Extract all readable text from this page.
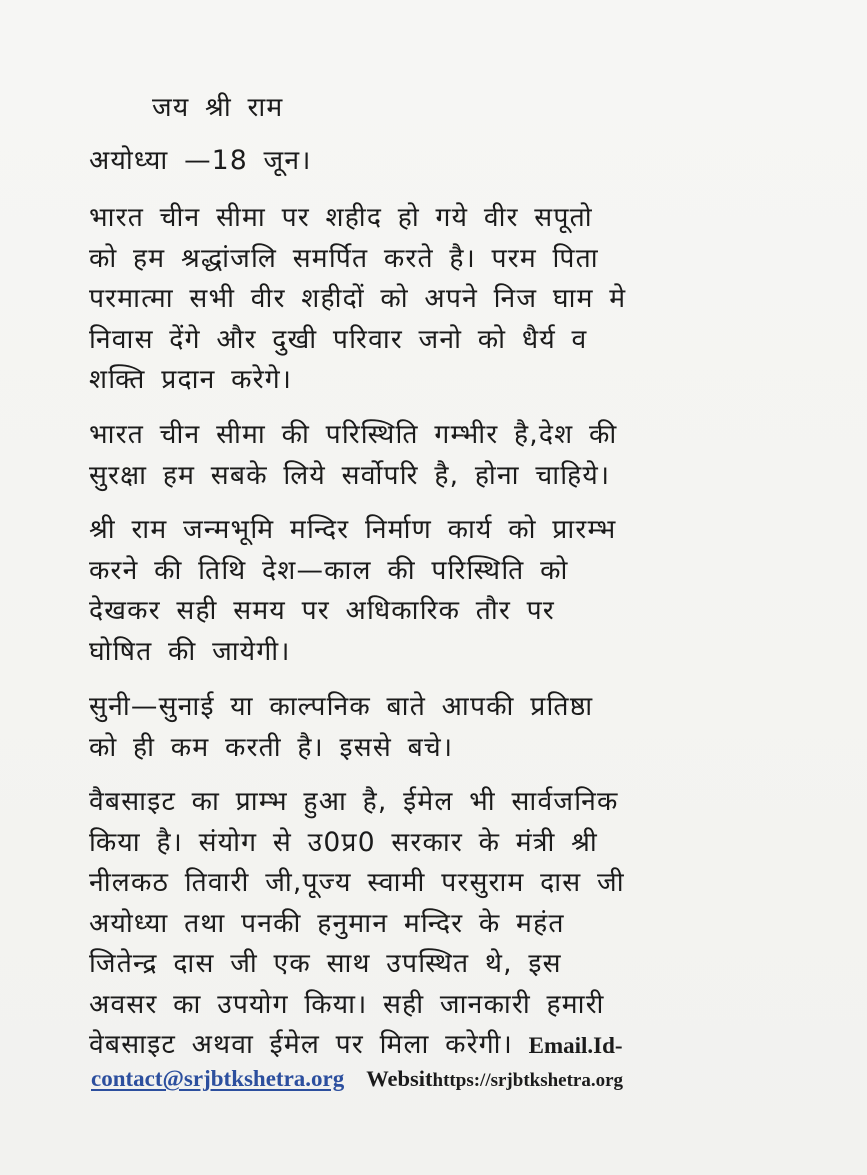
जय श्री राम

अयोध्या —18 जून।

भारत चीन सीमा पर शहीद हो गये वीर सपूतो
को हम श्रद्धांजलि समर्पित करते है। परम पिता
परमात्मा सभी वीर शहीदों को अपने निज घाम मे
निवास देंगे और दुखी परिवार जनो को धैर्य व
शक्ति प्रदान करेगे।
भारत चीन सीमा की परिस्थिति गम्भीर है,देश की
सुरक्षा हम सबके लिये सर्वोपरि है, होना चाहिये।
श्री राम जन्मभूमि मन्दिर निर्माण कार्य को प्रारम्भ
करने की तिथि देश—काल की परिस्थिति को
देखकर सही समय पर अधिकारिक तौर पर
घोषित की जायेगी।
सुनी—सुनाई या काल्पनिक बाते आपकी प्रतिष्ठा
को ही कम करती है। इससे बचे।
वैबसाइट का प्राम्भ हुआ है, ईमेल भी सार्वजनिक
किया है। संयोग से उ0प्र0 सरकार के मंत्री श्री
नीलकठ तिवारी जी,पूज्य स्वामी परसुराम दास जी
अयोध्या तथा पनकी हनुमान मन्दिर के महंत
जितेन्द्र दास जी एक साथ उपस्थित थे, इस
अवसर का उपयोग किया। सही जानकारी हमारी
वेबसाइट अथवा ईमेल पर मिला करेगी। Email.Id-
contact@srjbtkshetra.org Websithttps://srjbtkshetra.org
